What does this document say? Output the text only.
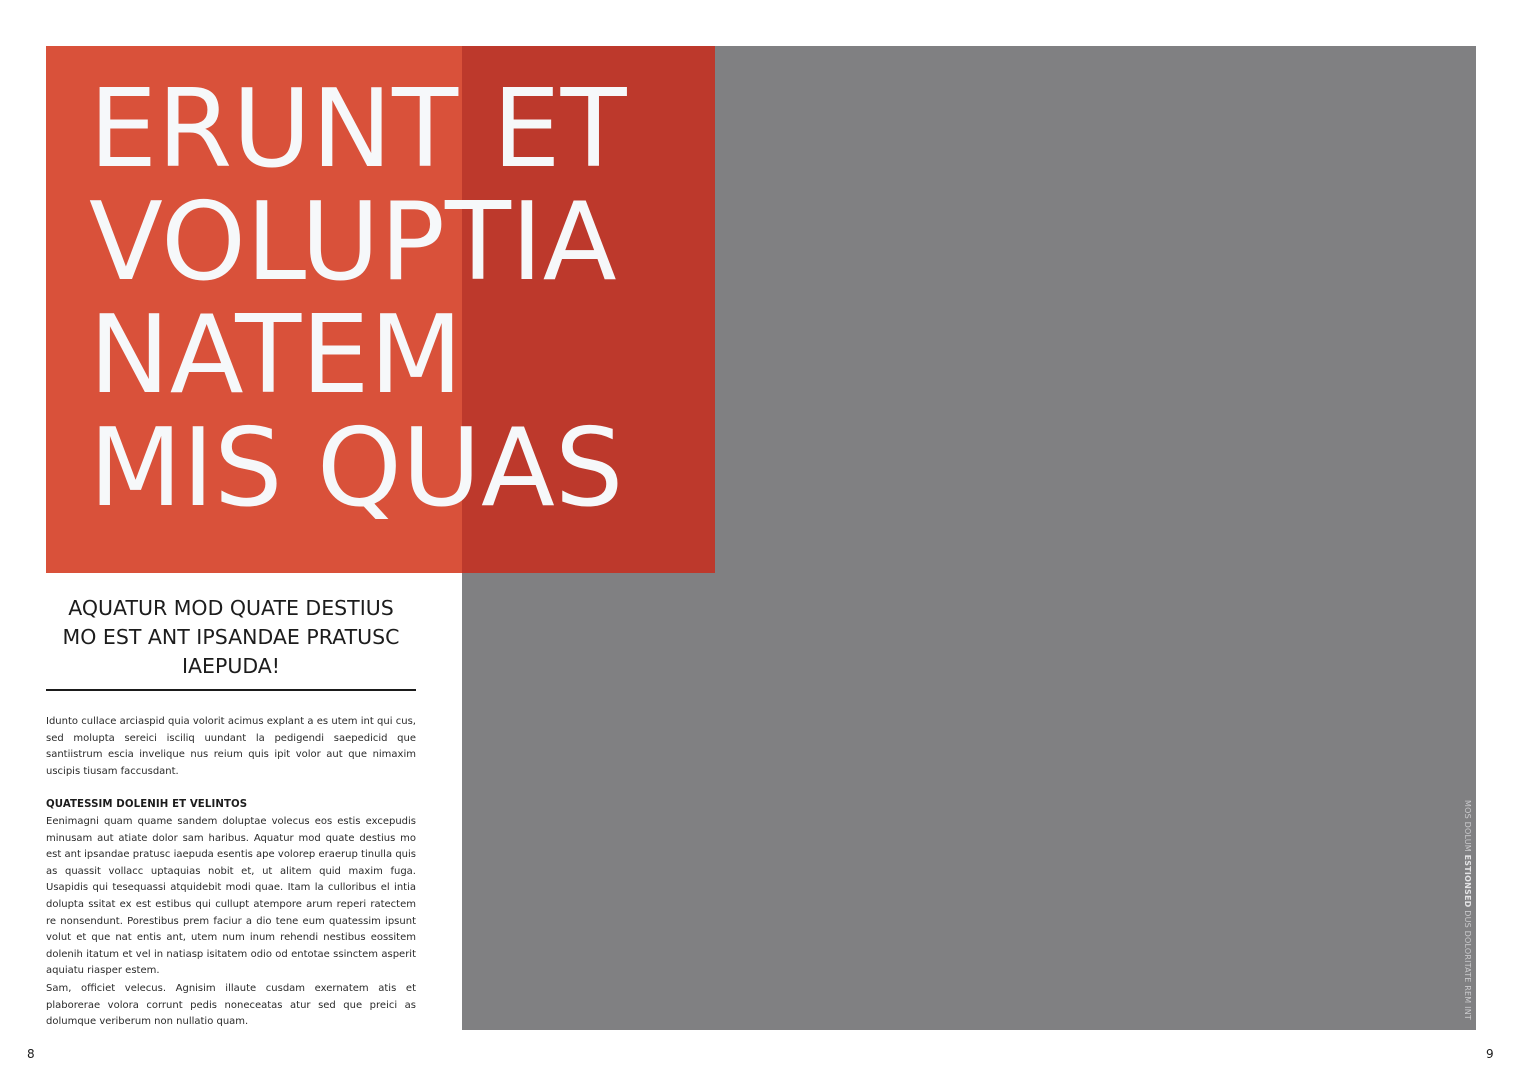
ERUNT ET
VOLUPTIA
NATEM
MIS QUAS
AQUATUR MOD QUATE DESTIUS
MO EST ANT IPSANDAE PRATUSC
IAEPUDA!

Idunto cullace arciaspid quia volorit acimus explant a es utem int qui cus, sed molupta sereici isciliq uundant la pedigendi saepedicid que santiistrum escia invelique nus reium quis ipit volor aut que nimaxim uscipis tiusam faccusdant.

QUATESSIM DOLENIH ET VELINTOS

Eenimagni quam quame sandem doluptae volecus eos estis excepudis minusam aut atiate dolor sam haribus. Aquatur mod quate destius mo est ant ipsandae pratusc iaepuda esentis ape volorep eraerup tinulla quis as quassit vollacc uptaquias nobit et, ut alitem quid maxim fuga. Usapidis qui tesequassi atquidebit modi quae. Itam la culloribus el intia dolupta ssitat ex est estibus qui cullupt atempore arum reperi ratectem re nonsendunt. Porestibus prem faciur a dio tene eum quatessim ipsunt volut et que nat entis ant, utem num inum rehendi nestibus eossitem dolenih itatum et vel in natiasp isitatem odio od entotae ssinctem asperit aquiatu riasper estem.

Sam, officiet velecus. Agnisim illaute cusdam exernatem atis et plaborerae volora corrunt pedis noneceatas atur sed que preici as dolumque veriberum non nullatio quam.

MOS DOLUM ESTIONSED DUS DOLORITATE REM INT

8	9
